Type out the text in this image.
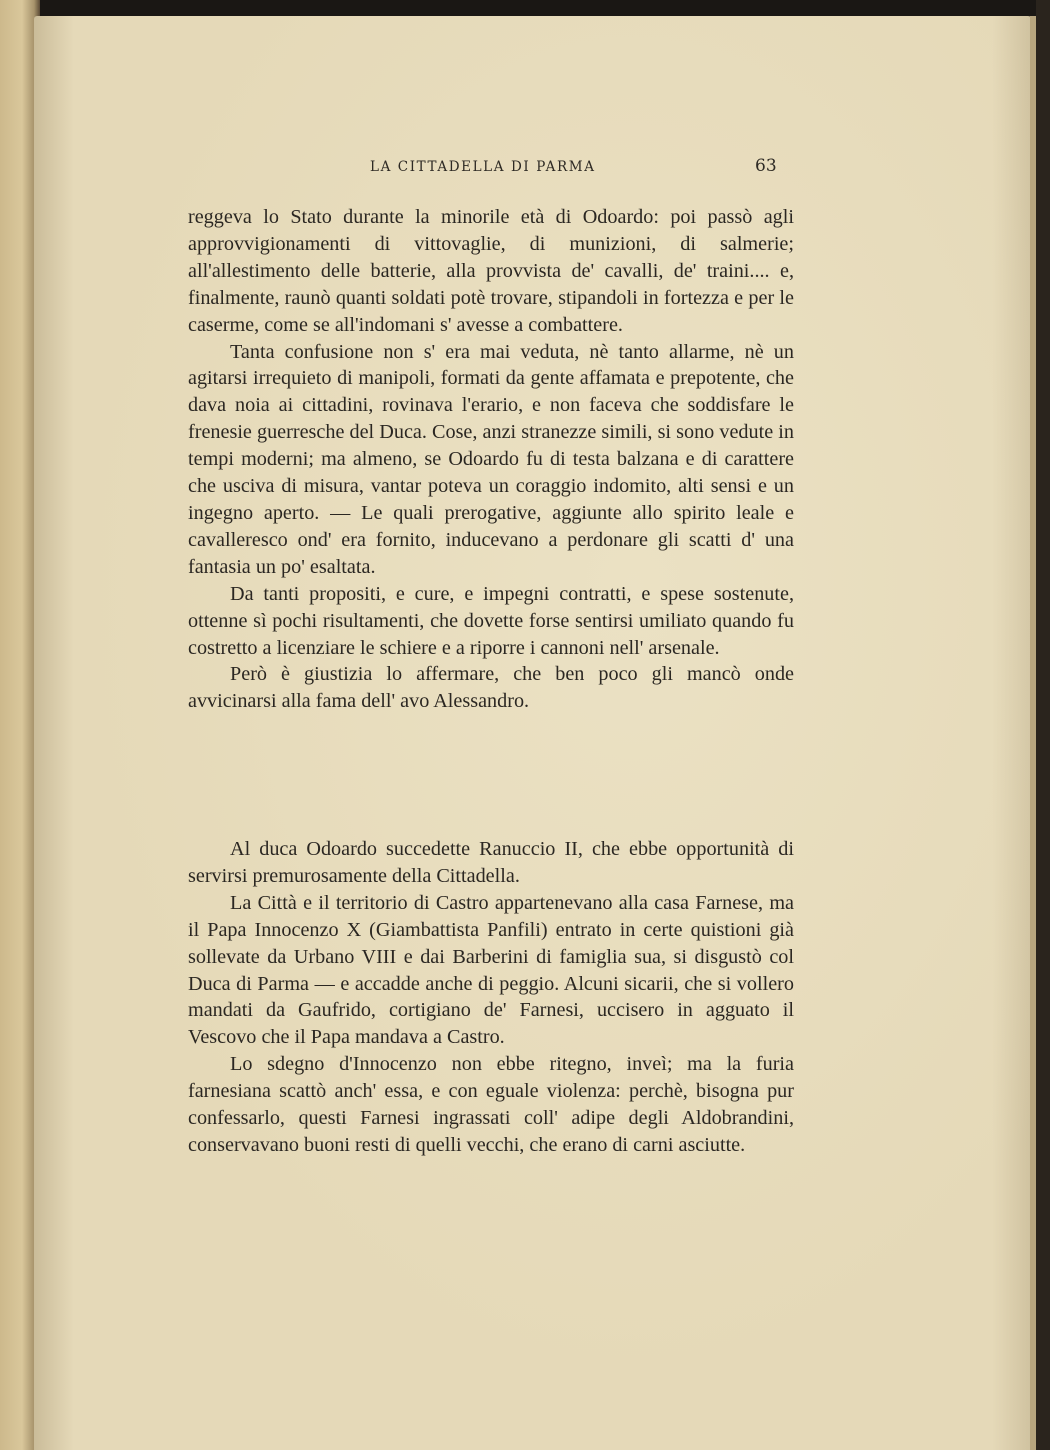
LA CITTADELLA DI PARMA	63

reggeva lo Stato durante la minorile età di Odoardo: poi passò agli approvvigionamenti di vittovaglie, di munizioni, di salmerie; all'allestimento delle batterie, alla provvista de' cavalli, de' traini.... e, finalmente, raunò quanti soldati potè trovare, stipandoli in fortezza e per le caserme, come se all'indomani s' avesse a combattere.

Tanta confusione non s' era mai veduta, nè tanto allarme, nè un agitarsi irrequieto di manipoli, formati da gente affamata e prepotente, che dava noia ai cittadini, rovinava l'erario, e non faceva che soddisfare le frenesie guerresche del Duca. Cose, anzi stranezze simili, si sono vedute in tempi moderni; ma almeno, se Odoardo fu di testa balzana e di carattere che usciva di misura, vantar poteva un coraggio indomito, alti sensi e un ingegno aperto. — Le quali prerogative, aggiunte allo spirito leale e cavalleresco ond' era fornito, inducevano a perdonare gli scatti d' una fantasia un po' esaltata.

Da tanti propositi, e cure, e impegni contratti, e spese sostenute, ottenne sì pochi risultamenti, che dovette forse sentirsi umiliato quando fu costretto a licenziare le schiere e a riporre i cannoni nell' arsenale.

Però è giustizia lo affermare, che ben poco gli mancò onde avvicinarsi alla fama dell' avo Alessandro.

Al duca Odoardo succedette Ranuccio II, che ebbe opportunità di servirsi premurosamente della Cittadella.

La Città e il territorio di Castro appartenevano alla casa Farnese, ma il Papa Innocenzo X (Giambattista Panfili) entrato in certe quistioni già sollevate da Urbano VIII e dai Barberini di famiglia sua, si disgustò col Duca di Parma — e accadde anche di peggio. Alcuni sicarii, che si vollero mandati da Gaufrido, cortigiano de' Farnesi, uccisero in agguato il Vescovo che il Papa mandava a Castro.

Lo sdegno d'Innocenzo non ebbe ritegno, inveì; ma la furia farnesiana scattò anch' essa, e con eguale violenza: perchè, bisogna pur confessarlo, questi Farnesi ingrassati coll' adipe degli Aldobrandini, conservavano buoni resti di quelli vecchi, che erano di carni asciutte.
